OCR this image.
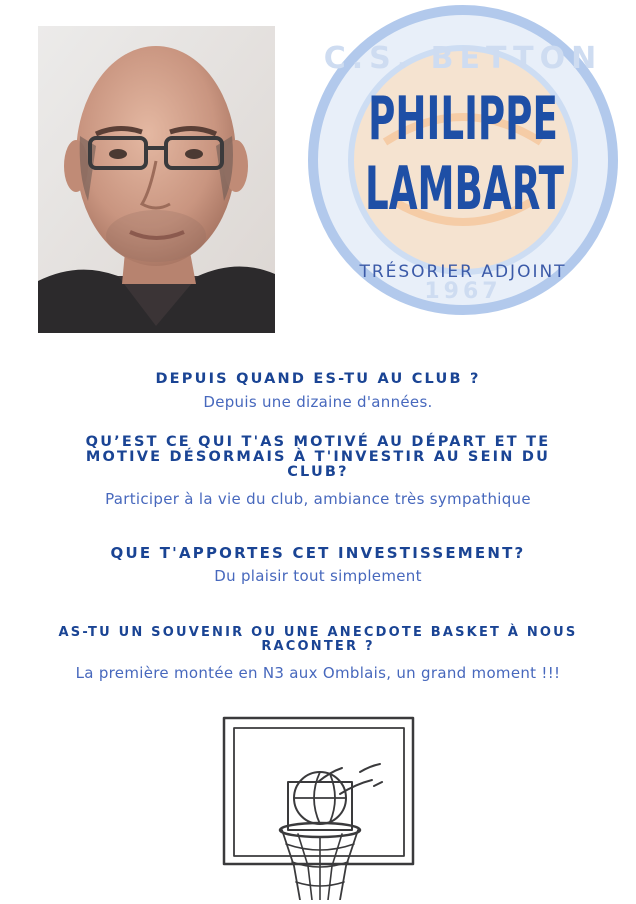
C.S. BETTON
1967
PHILIPPE
LAMBART
TRÉSORIER ADJOINT
DEPUIS QUAND ES-TU AU CLUB ?
Depuis une dizaine d'années.
QU’EST CE QUI T'AS MOTIVÉ AU DÉPART ET TE
MOTIVE DÉSORMAIS À T'INVESTIR AU SEIN DU
CLUB?
Participer à la vie du club, ambiance très sympathique
QUE T'APPORTES CET INVESTISSEMENT?
Du plaisir tout simplement
AS-TU UN SOUVENIR OU UNE ANECDOTE BASKET À NOUS
RACONTER ?
La première montée en N3 aux Omblais, un grand moment !!!
